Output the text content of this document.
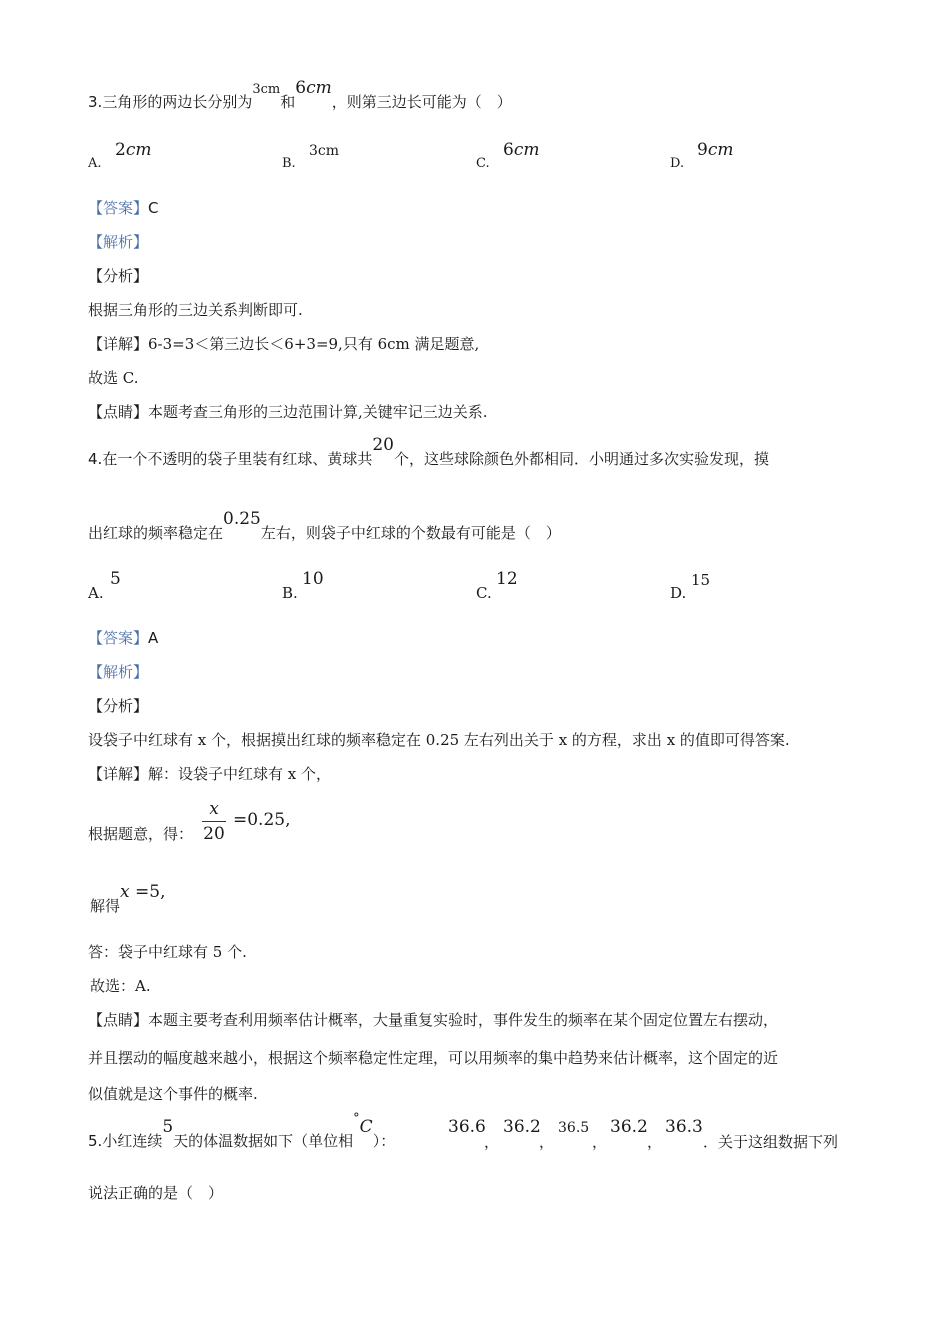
3.三角形的两边长分别为3cm和6cm，则第三边长可能为（　）
A.
2cm
B.
3cm
C.
6cm
D.
9cm
【答案】C
【解析】
【分析】
根据三角形的三边关系判断即可.
【详解】6-3=3＜第三边长＜6+3=9,只有 6cm 满足题意,
故选 C.
【点睛】本题考查三角形的三边范围计算,关键牢记三边关系.
4.在一个不透明的袋子里装有红球、黄球共20个，这些球除颜色外都相同．小明通过多次实验发现，摸
出红球的频率稳定在0.25左右，则袋子中红球的个数最有可能是（　）
A.
5
B.
10
C.
12
D.
15
【答案】A
【解析】
【分析】
设袋子中红球有 x 个，根据摸出红球的频率稳定在 0.25 左右列出关于 x 的方程，求出 x 的值即可得答案.
【详解】解：设袋子中红球有 x 个，
根据题意，得：
x
20
=0.25,
解得x =5,
答：袋子中红球有 5 个.
故选：A.
【点睛】本题主要考查利用频率估计概率，大量重复实验时，事件发生的频率在某个固定位置左右摆动，
并且摆动的幅度越来越小，根据这个频率稳定性定理，可以用频率的集中趋势来估计概率，这个固定的近
似值就是这个事件的概率.
5.小红连续5天的体温数据如下（单位相°C）：
36.6
，
36.2
，
36.5
，
36.2
，
36.3
．关于这组数据下列
说法正确的是（　）
